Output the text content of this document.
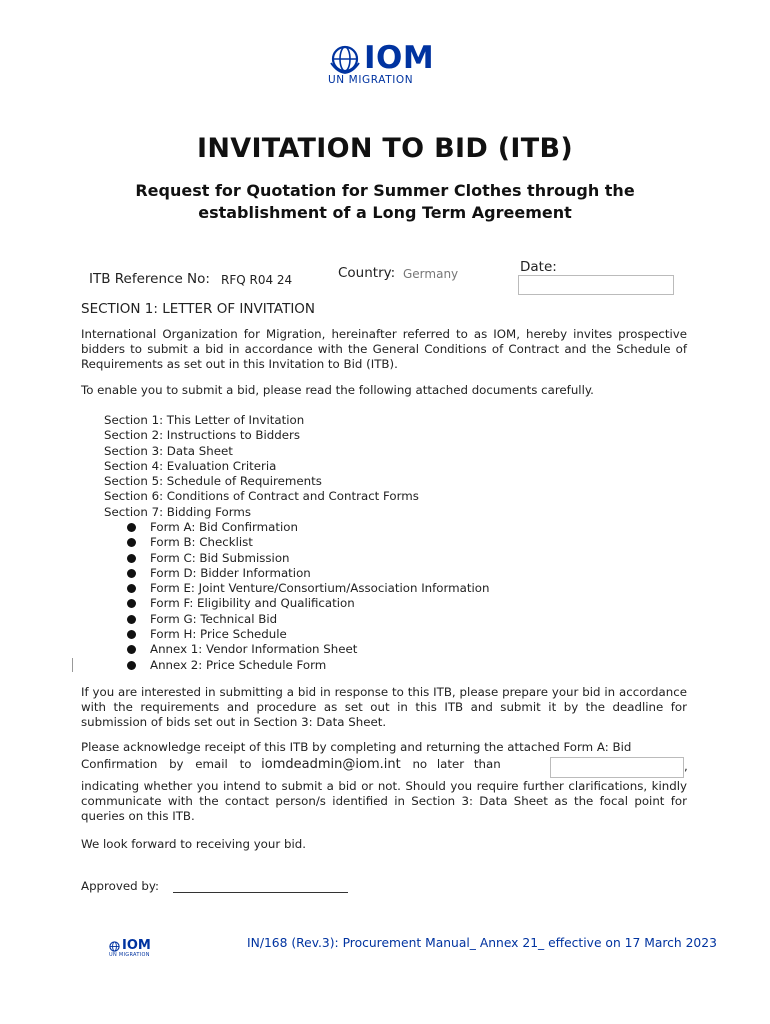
IOM
UN MIGRATION
INVITATION TO BID (ITB)
Request for Quotation for Summer Clothes through the
establishment of a Long Term Agreement
ITB Reference No: RFQ R04 24	Country: Germany	Date:
SECTION 1: LETTER OF INVITATION
International Organization for Migration, hereinafter referred to as IOM, hereby invites prospective bidders to submit a bid in accordance with the General Conditions of Contract and the Schedule of Requirements as set out in this Invitation to Bid (ITB).
To enable you to submit a bid, please read the following attached documents carefully.
Section 1: This Letter of Invitation
Section 2: Instructions to Bidders
Section 3: Data Sheet
Section 4: Evaluation Criteria
Section 5: Schedule of Requirements
Section 6: Conditions of Contract and Contract Forms
Section 7: Bidding Forms
Form A: Bid Confirmation
Form B: Checklist
Form C: Bid Submission
Form D: Bidder Information
Form E: Joint Venture/Consortium/Association Information
Form F: Eligibility and Qualification
Form G: Technical Bid
Form H: Price Schedule
Annex 1: Vendor Information Sheet
Annex 2: Price Schedule Form
If you are interested in submitting a bid in response to this ITB, please prepare your bid in accordance with the requirements and procedure as set out in this ITB and submit it by the deadline for submission of bids set out in Section 3: Data Sheet.
Please acknowledge receipt of this ITB by completing and returning the attached Form A: Bid
Confirmation by email to iomdeadmin@iom.int no later than	,
indicating whether you intend to submit a bid or not. Should you require further clarifications, kindly communicate with the contact person/s identified in Section 3: Data Sheet as the focal point for queries on this ITB.
We look forward to receiving your bid.
Approved by:
IOM
UN MIGRATION
IN/168 (Rev.3): Procurement Manual_ Annex 21_ effective on 17 March 2023
